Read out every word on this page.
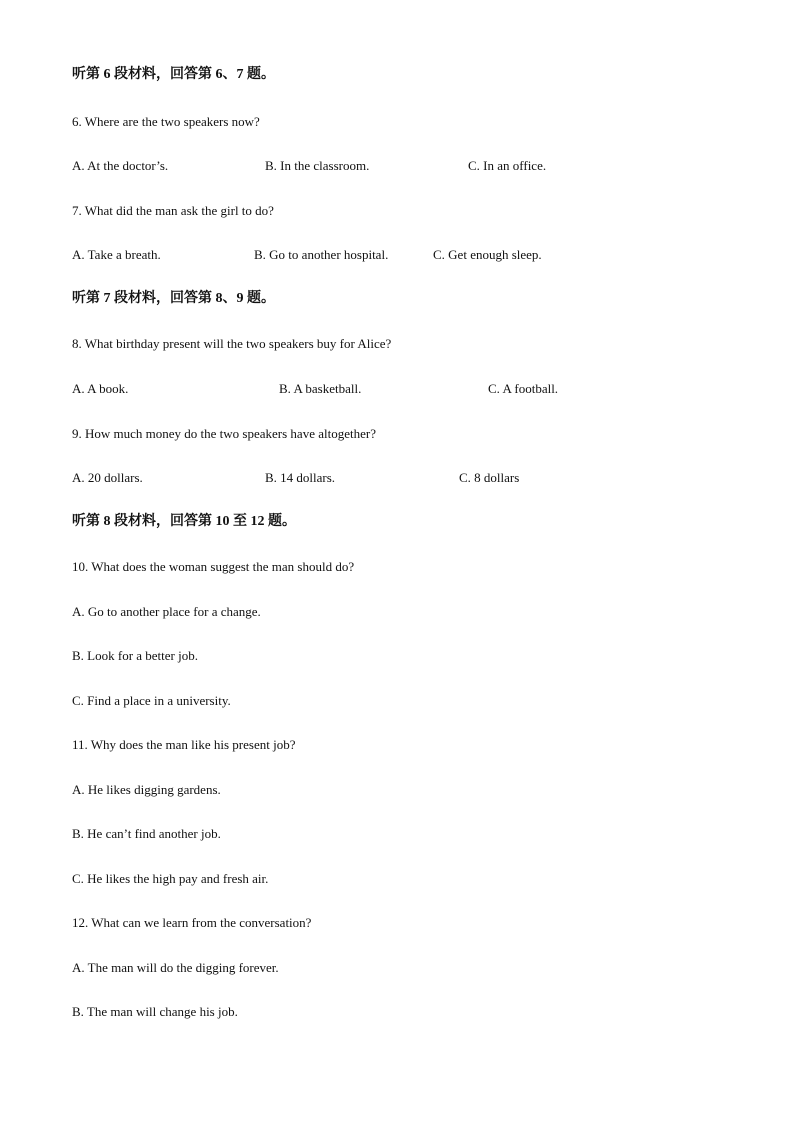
听第 6 段材料，回答第 6、7 题。
6. Where are the two speakers now?
A. At the doctor’s.	B. In the classroom.	C. In an office.
7. What did the man ask the girl to do?
A. Take a breath.	B. Go to another hospital.	C. Get enough sleep.
听第 7 段材料，回答第 8、9 题。
8. What birthday present will the two speakers buy for Alice?
A. A book.	B. A basketball.	C. A football.
9. How much money do the two speakers have altogether?
A. 20 dollars.	B. 14 dollars.	C. 8 dollars
听第 8 段材料，回答第 10 至 12 题。
10. What does the woman suggest the man should do?
A. Go to another place for a change.
B. Look for a better job.
C. Find a place in a university.
11. Why does the man like his present job?
A. He likes digging gardens.
B. He can’t find another job.
C. He likes the high pay and fresh air.
12. What can we learn from the conversation?
A. The man will do the digging forever.
B. The man will change his job.
